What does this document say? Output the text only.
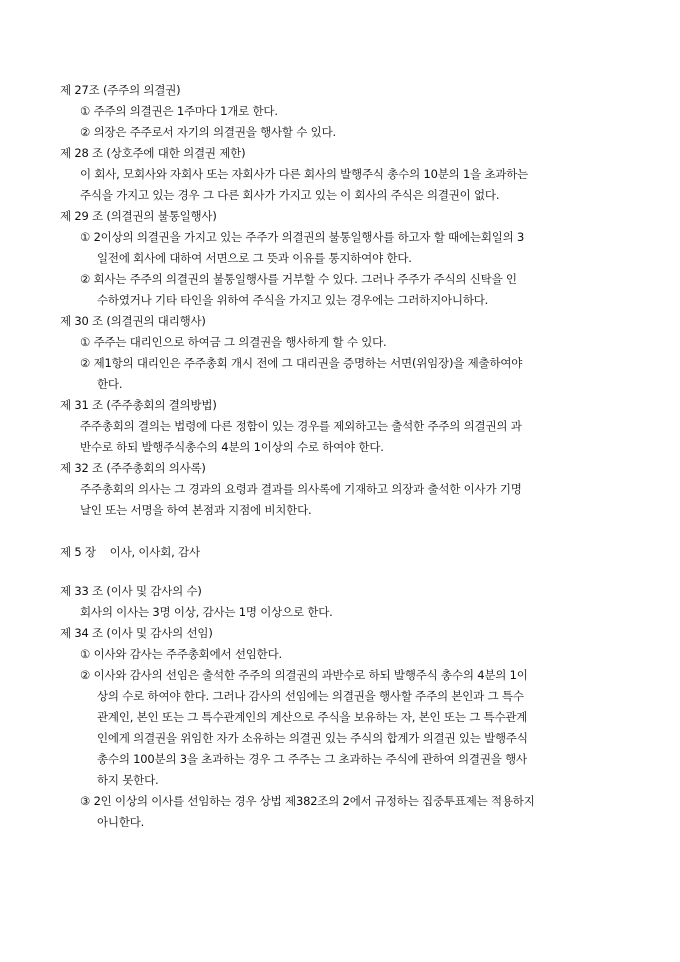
제 27조 (주주의 의결권)
① 주주의 의결권은 1주마다 1개로 한다.
② 의장은 주주로서 자기의 의결권을 행사할 수 있다.
제 28 조 (상호주에 대한 의결권 제한)
이 회사, 모회사와 자회사 또는 자회사가 다른 회사의 발행주식 총수의 10분의 1을 초과하는
주식을 가지고 있는 경우 그 다른 회사가 가지고 있는 이 회사의 주식은 의결권이 없다.
제 29 조 (의결권의 불통일행사)
① 2이상의 의결권을 가지고 있는 주주가 의결권의 불통일행사를 하고자 할 때에는회일의 3
일전에 회사에 대하여 서면으로 그 뜻과 이유를 통지하여야 한다.
② 회사는 주주의 의결권의 불통일행사를 거부할 수 있다. 그러나 주주가 주식의 신탁을 인
수하였거나 기타 타인을 위하여 주식을 가지고 있는 경우에는 그러하지아니하다.
제 30 조 (의결권의 대리행사)
① 주주는 대리인으로 하여금 그 의결권을 행사하게 할 수 있다.
② 제1항의 대리인은 주주총회 개시 전에 그 대리권을 증명하는 서면(위임장)을 제출하여야
한다.
제 31 조 (주주총회의 결의방법)
주주총회의 결의는 법령에 다른 정함이 있는 경우를 제외하고는 출석한 주주의 의결권의 과
반수로 하되 발행주식총수의 4분의 1이상의 수로 하여야 한다.
제 32 조 (주주총회의 의사록)
주주총회의 의사는 그 경과의 요령과 결과를 의사록에 기재하고 의장과 출석한 이사가 기명
날인 또는 서명을 하여 본점과 지점에 비치한다.
제 5 장    이사, 이사회, 감사
제 33 조 (이사 및 감사의 수)
회사의 이사는 3명 이상, 감사는 1명 이상으로 한다.
제 34 조 (이사 및 감사의 선임)
① 이사와 감사는 주주총회에서 선임한다.
② 이사와 감사의 선임은 출석한 주주의 의결권의 과반수로 하되 발행주식 총수의 4분의 1이
상의 수로 하여야 한다. 그러나 감사의 선임에는 의결권을 행사할 주주의 본인과 그 특수
관계인, 본인 또는 그 특수관계인의 계산으로 주식을 보유하는 자, 본인 또는 그 특수관계
인에게 의결권을 위임한 자가 소유하는 의결권 있는 주식의 합계가 의결권 있는 발행주식
총수의 100분의 3을 초과하는 경우 그 주주는 그 초과하는 주식에 관하여 의결권을 행사
하지 못한다.
③ 2인 이상의 이사를 선임하는 경우 상법 제382조의 2에서 규정하는 집중투표제는 적용하지
아니한다.
